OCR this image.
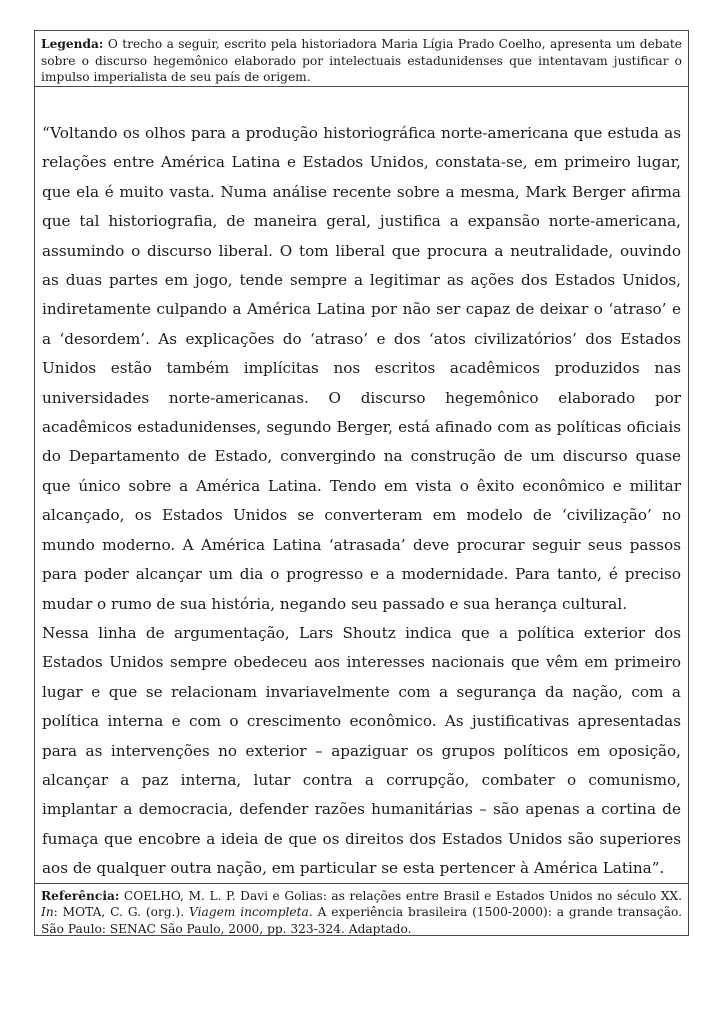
Legenda: O trecho a seguir, escrito pela historiadora Maria Lígia Prado Coelho, apresenta um debate sobre o discurso hegemônico elaborado por intelectuais estadunidenses que intentavam justificar o impulso imperialista de seu país de origem.

“Voltando os olhos para a produção historiográfica norte-americana que estuda as relações entre América Latina e Estados Unidos, constata-se, em primeiro lugar, que ela é muito vasta. Numa análise recente sobre a mesma, Mark Berger afirma que tal historiografia, de maneira geral, justifica a expansão norte-americana, assumindo o discurso liberal. O tom liberal que procura a neutralidade, ouvindo as duas partes em jogo, tende sempre a legitimar as ações dos Estados Unidos, indiretamente culpando a América Latina por não ser capaz de deixar o ‘atraso’ e a ‘desordem’. As explicações do ‘atraso’ e dos ‘atos civilizatórios’ dos Estados Unidos estão também implícitas nos escritos acadêmicos produzidos nas universidades norte-americanas. O discurso hegemônico elaborado por acadêmicos estadunidenses, segundo Berger, está afinado com as políticas oficiais do Departamento de Estado, convergindo na construção de um discurso quase que único sobre a América Latina. Tendo em vista o êxito econômico e militar alcançado, os Estados Unidos se converteram em modelo de ‘civilização’ no mundo moderno. A América Latina ‘atrasada’ deve procurar seguir seus passos para poder alcançar um dia o progresso e a modernidade. Para tanto, é preciso mudar o rumo de sua história, negando seu passado e sua herança cultural.

Nessa linha de argumentação, Lars Shoutz indica que a política exterior dos Estados Unidos sempre obedeceu aos interesses nacionais que vêm em primeiro lugar e que se relacionam invariavelmente com a segurança da nação, com a política interna e com o crescimento econômico. As justificativas apresentadas para as intervenções no exterior – apaziguar os grupos políticos em oposição, alcançar a paz interna, lutar contra a corrupção, combater o comunismo, implantar a democracia, defender razões humanitárias – são apenas a cortina de fumaça que encobre a ideia de que os direitos dos Estados Unidos são superiores aos de qualquer outra nação, em particular se esta pertencer à América Latina”.

Referência: COELHO, M. L. P. Davi e Golias: as relações entre Brasil e Estados Unidos no século XX. In: MOTA, C. G. (org.). Viagem incompleta. A experiência brasileira (1500-2000): a grande transação. São Paulo: SENAC São Paulo, 2000, pp. 323-324. Adaptado.
